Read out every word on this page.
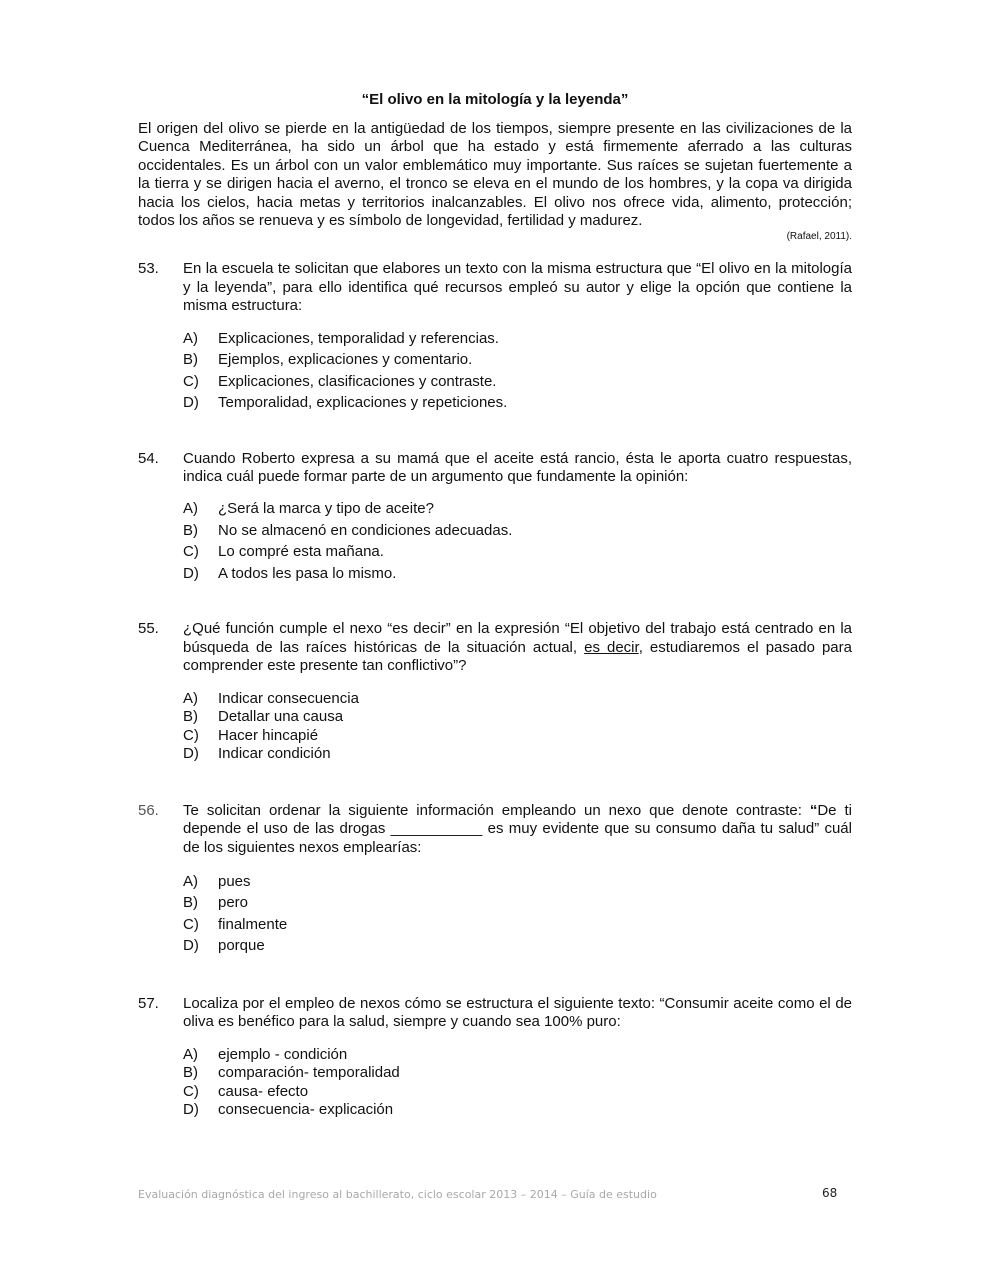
“El olivo en la mitología y la leyenda”

El origen del olivo se pierde en la antigüedad de los tiempos, siempre presente en las civilizaciones de la Cuenca Mediterránea, ha sido un árbol que ha estado y está firmemente aferrado a las culturas occidentales. Es un árbol con un valor emblemático muy importante. Sus raíces se sujetan fuertemente a la tierra y se dirigen hacia el averno, el tronco se eleva en el mundo de los hombres, y la copa va dirigida hacia los cielos, hacia metas y territorios inalcanzables. El olivo nos ofrece vida, alimento, protección; todos los años se renueva y es símbolo de longevidad, fertilidad y madurez.

(Rafael, 2011).

53. En la escuela te solicitan que elabores un texto con la misma estructura que “El olivo en la mitología y la leyenda”, para ello identifica qué recursos empleó su autor y elige la opción que contiene la misma estructura:
A)	Explicaciones, temporalidad y referencias.
B)	Ejemplos, explicaciones y comentario.
C)	Explicaciones, clasificaciones y contraste.
D)	Temporalidad, explicaciones y repeticiones.
54. Cuando Roberto expresa a su mamá que el aceite está rancio, ésta le aporta cuatro respuestas, indica cuál puede formar parte de un argumento que fundamente la opinión:
A)	¿Será la marca y tipo de aceite?
B)	No se almacenó en condiciones adecuadas.
C)	Lo compré esta mañana.
D)	A todos les pasa lo mismo.
55. ¿Qué función cumple el nexo “es decir” en la expresión “El objetivo del trabajo está centrado en la búsqueda de las raíces históricas de la situación actual, es decir, estudiaremos el pasado para comprender este presente tan conflictivo”?
A)	Indicar consecuencia
B)	Detallar una causa
C)	Hacer hincapié
D)	Indicar condición
56. Te solicitan ordenar la siguiente información empleando un nexo que denote contraste: “De ti depende el uso de las drogas ___________ es muy evidente que su consumo daña tu salud” cuál de los siguientes nexos emplearías:
A)	pues
B)	pero
C)	finalmente
D)	porque
57. Localiza por el empleo de nexos cómo se estructura el siguiente texto: “Consumir aceite como el de oliva es benéfico para la salud, siempre y cuando sea 100% puro:
A)	ejemplo - condición
B)	comparación- temporalidad
C)	causa- efecto
D)	consecuencia- explicación
Evaluación diagnóstica del ingreso al bachillerato, ciclo escolar 2013 – 2014 – Guía de estudio	68
